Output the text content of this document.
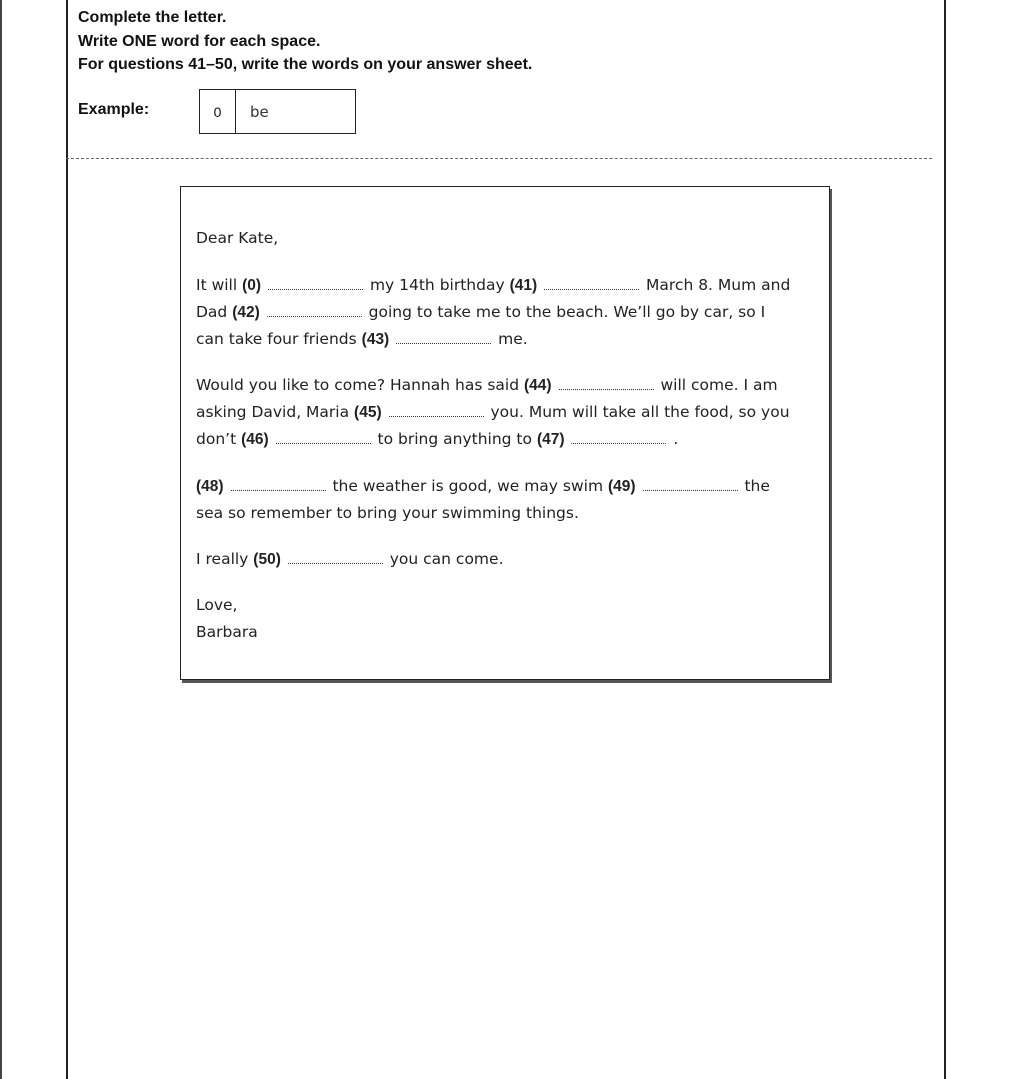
Complete the letter.
Write ONE word for each space.
For questions 41–50, write the words on your answer sheet.
Example:	0	be
Dear Kate,
It will (0)	my 14th birthday (41)	March 8. Mum and
Dad (42)	going to take me to the beach. We’ll go by car, so I
can take four friends (43)	me.
Would you like to come? Hannah has said (44)	will come. I am
asking David, Maria (45)	you. Mum will take all the food, so you
don’t (46)	to bring anything to (47)	.
(48)	the weather is good, we may swim (49)	the
sea so remember to bring your swimming things.
I really (50)	you can come.
Love,
Barbara
